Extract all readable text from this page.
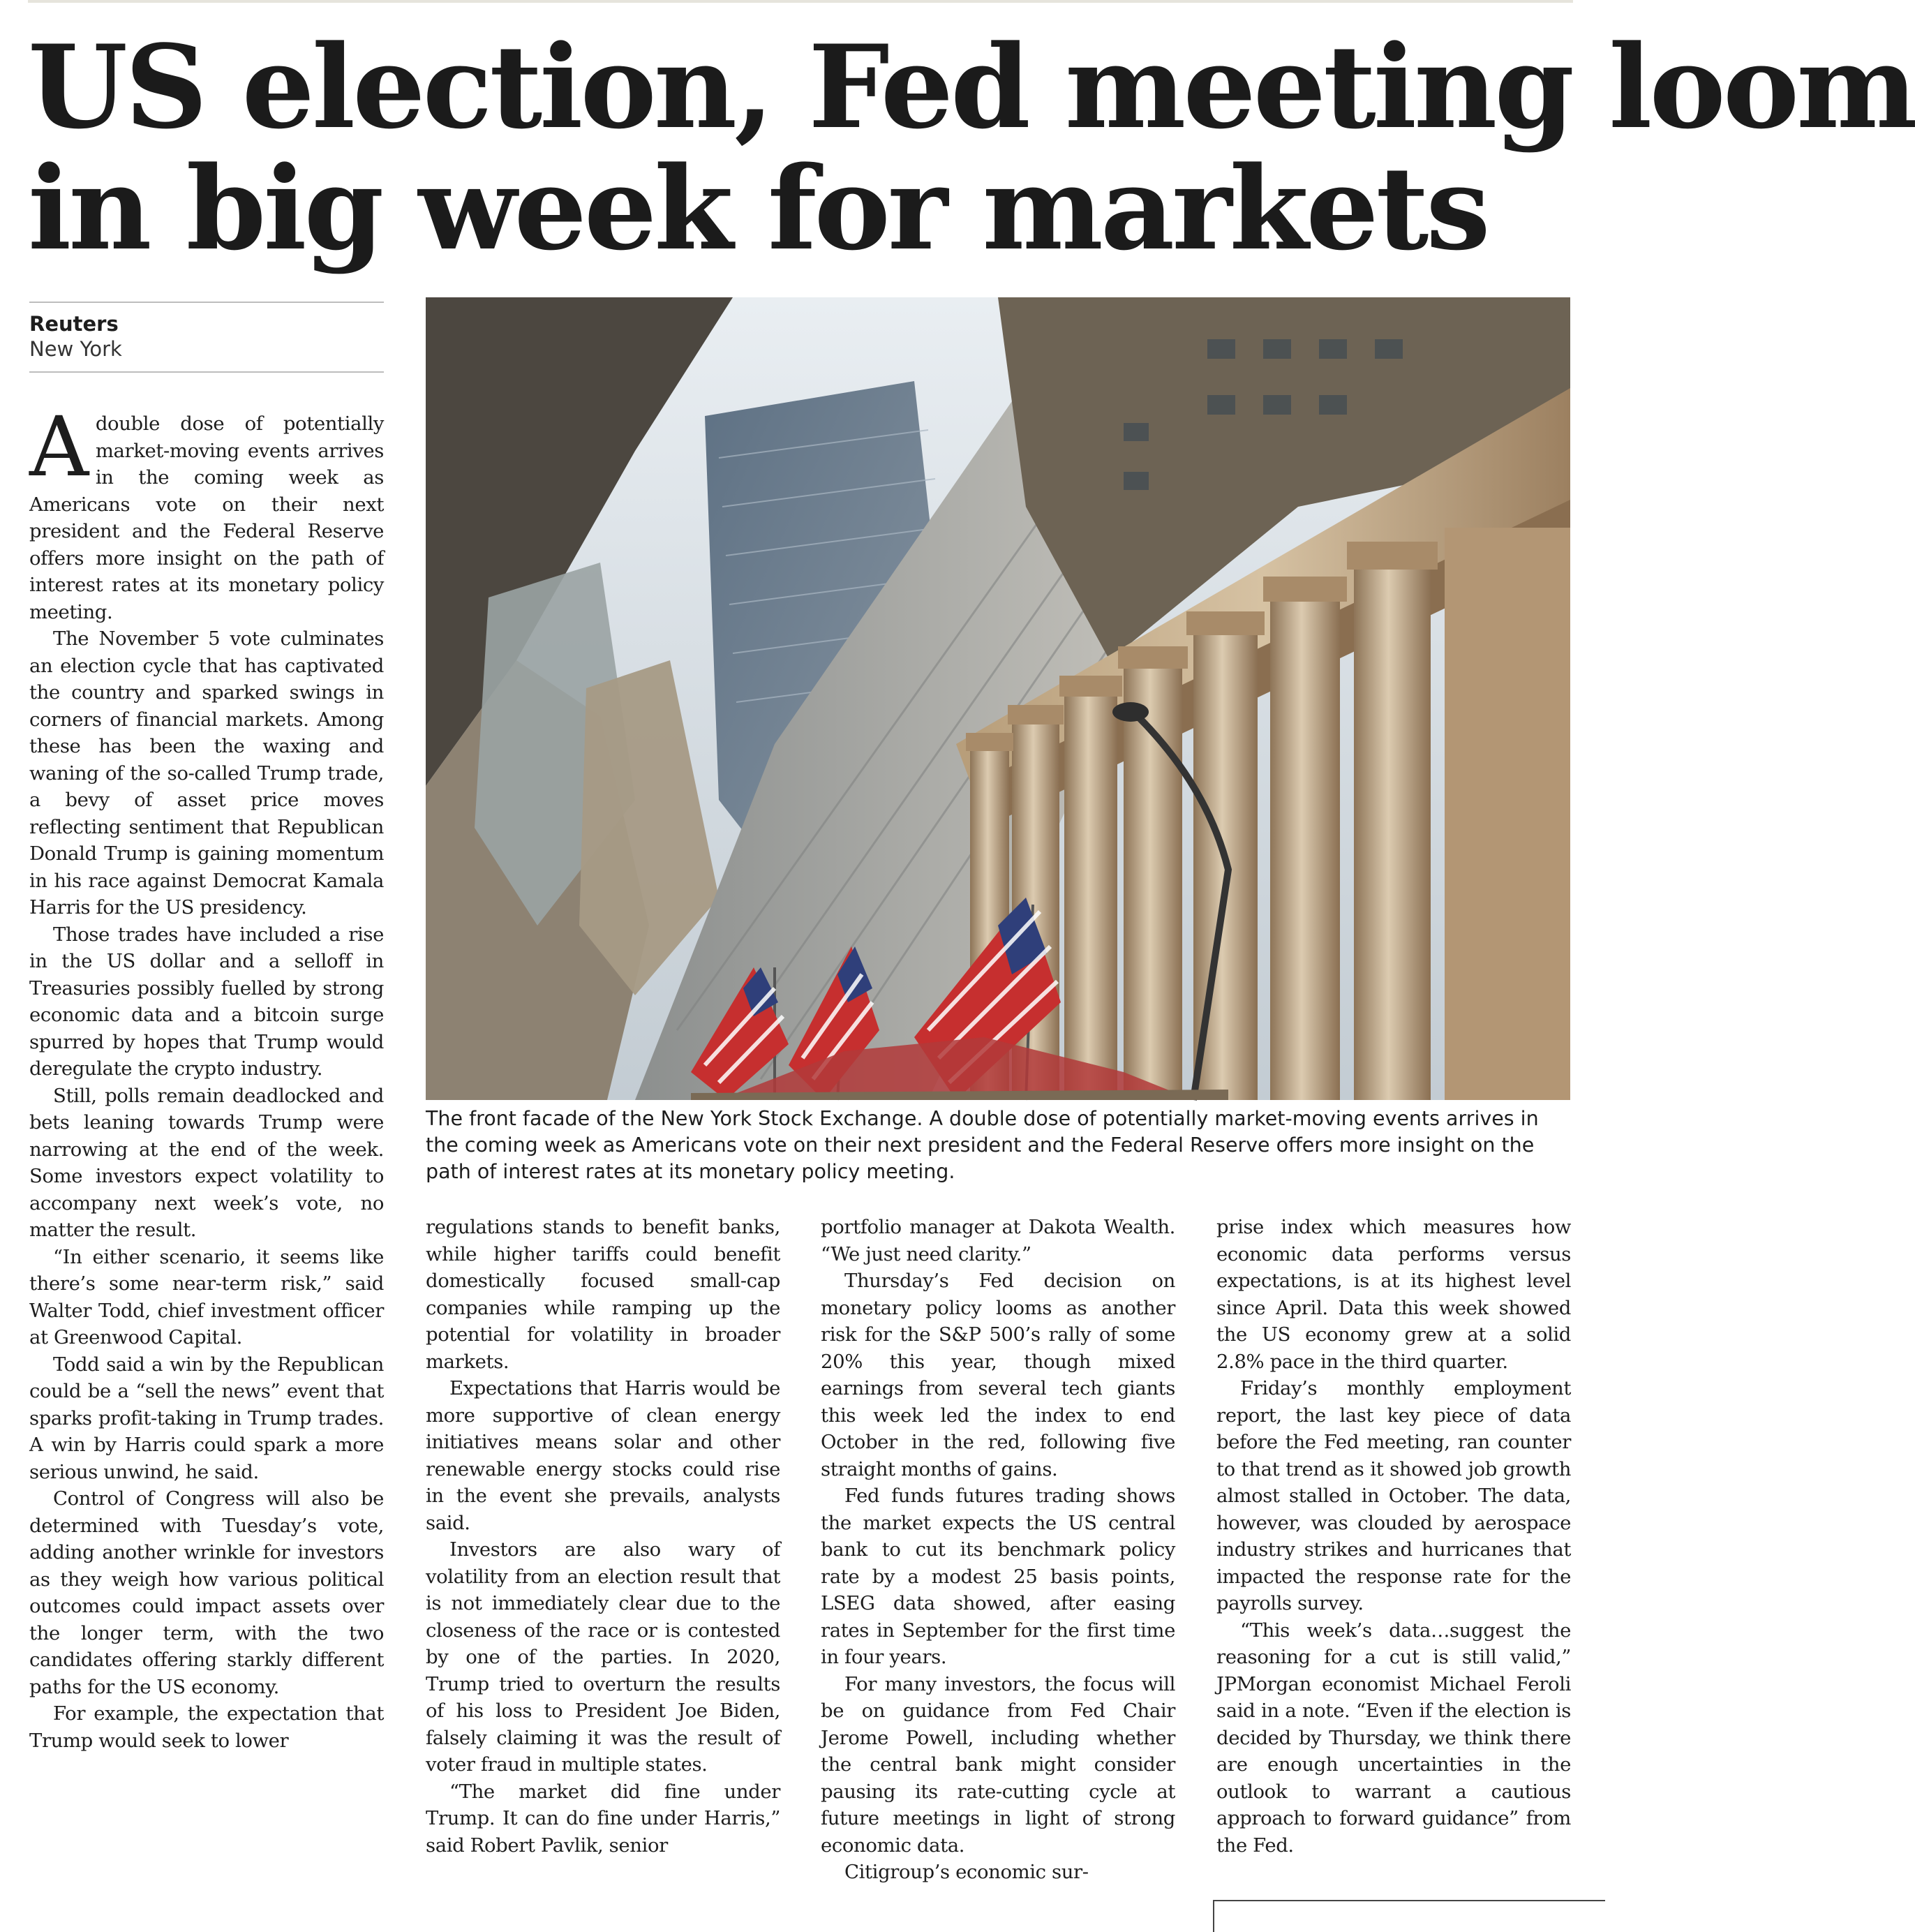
US election, Fed meeting loom
in big week for markets
Reuters
New York

Adouble dose of potentially market-moving events arrives in the coming week as Americans vote on their next president and the Federal Reserve offers more insight on the path of interest rates at its monetary policy meeting.

The November 5 vote culminates an election cycle that has captivated the country and sparked swings in corners of financial markets. Among these has been the waxing and waning of the so-called Trump trade, a bevy of asset price moves reflecting sentiment that Republican Donald Trump is gaining momentum in his race against Democrat Kamala Harris for the US presidency.

Those trades have included a rise in the US dollar and a selloff in Treasuries possibly fuelled by strong economic data and a bitcoin surge spurred by hopes that Trump would deregulate the crypto industry.

Still, polls remain deadlocked and bets leaning towards Trump were narrowing at the end of the week. Some investors expect volatility to accompany next week’s vote, no matter the result.

“In either scenario, it seems like there’s some near-term risk,” said Walter Todd, chief investment officer at Greenwood Capital.

Todd said a win by the Republican could be a “sell the news” event that sparks profit-taking in Trump trades. A win by Harris could spark a more serious unwind, he said.

Control of Congress will also be determined with Tuesday’s vote, adding another wrinkle for investors as they weigh how various political outcomes could impact assets over the longer term, with the two candidates offering starkly different paths for the US economy.

For example, the expectation that Trump would seek to lower

The front facade of the New York Stock Exchange. A double dose of potentially market-moving events arrives in the coming week as Americans vote on their next president and the Federal Reserve offers more insight on the path of interest rates at its monetary policy meeting.

regulations stands to benefit banks, while higher tariffs could benefit domestically focused small-cap companies while ramping up the potential for volatility in broader markets.

Expectations that Harris would be more supportive of clean energy initiatives means solar and other renewable energy stocks could rise in the event she prevails, analysts said.

Investors are also wary of volatility from an election result that is not immediately clear due to the closeness of the race or is contested by one of the parties. In 2020, Trump tried to overturn the results of his loss to President Joe Biden, falsely claiming it was the result of voter fraud in multiple states.

“The market did fine under Trump. It can do fine under Harris,” said Robert Pavlik, senior

portfolio manager at Dakota Wealth. “We just need clarity.”

Thursday’s Fed decision on monetary policy looms as another risk for the S&P 500’s rally of some 20% this year, though mixed earnings from several tech giants this week led the index to end October in the red, following five straight months of gains.

Fed funds futures trading shows the market expects the US central bank to cut its benchmark policy rate by a modest 25 basis points, LSEG data showed, after easing rates in September for the first time in four years.

For many investors, the focus will be on guidance from Fed Chair Jerome Powell, including whether the central bank might consider pausing its rate-cutting cycle at future meetings in light of strong economic data.

Citigroup’s economic sur-

prise index which measures how economic data performs versus expectations, is at its highest level since April. Data this week showed the US economy grew at a solid 2.8% pace in the third quarter.

Friday’s monthly employment report, the last key piece of data before the Fed meeting, ran counter to that trend as it showed job growth almost stalled in October. The data, however, was clouded by aerospace industry strikes and hurricanes that impacted the response rate for the payrolls survey.

“This week’s data…suggest the reasoning for a cut is still valid,” JPMorgan economist Michael Feroli said in a note. “Even if the election is decided by Thursday, we think there are enough uncertainties in the outlook to warrant a cautious approach to forward guidance” from the Fed.
